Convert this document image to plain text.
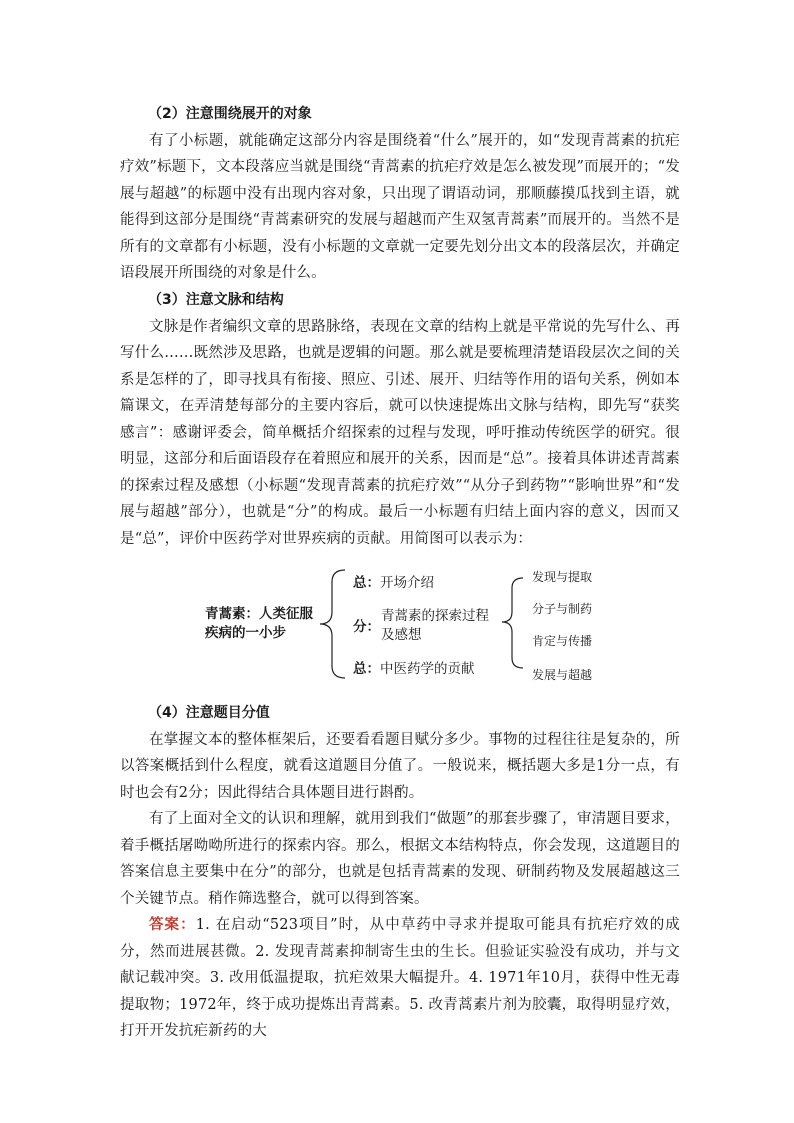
（2）注意围绕展开的对象

有了小标题，就能确定这部分内容是围绕着“什么”展开的，如“发现青蒿素的抗疟疗效”标题下，文本段落应当就是围绕“青蒿素的抗疟疗效是怎么被发现”而展开的；“发展与超越”的标题中没有出现内容对象，只出现了谓语动词，那顺藤摸瓜找到主语，就能得到这部分是围绕“青蒿素研究的发展与超越而产生双氢青蒿素”而展开的。当然不是所有的文章都有小标题，没有小标题的文章就一定要先划分出文本的段落层次，并确定语段展开所围绕的对象是什么。

（3）注意文脉和结构

文脉是作者编织文章的思路脉络，表现在文章的结构上就是平常说的先写什么、再写什么……既然涉及思路，也就是逻辑的问题。那么就是要梳理清楚语段层次之间的关系是怎样的了，即寻找具有衔接、照应、引述、展开、归结等作用的语句关系，例如本篇课文，在弄清楚每部分的主要内容后，就可以快速提炼出文脉与结构，即先写“获奖感言”：感谢评委会，简单概括介绍探索的过程与发现，呼吁推动传统医学的研究。很明显，这部分和后面语段存在着照应和展开的关系，因而是“总”。接着具体讲述青蒿素的探索过程及感想（小标题“发现青蒿素的抗疟疗效”“从分子到药物”“影响世界”和“发展与超越”部分），也就是“分”的构成。最后一小标题有归结上面内容的意义，因而又是“总”，评价中医药学对世界疾病的贡献。用简图可以表示为：

青蒿素：人类征服
疾病的一小步
总：开场介绍
分：
青蒿素的探索过程
及感想
总：中医药学的贡献
发现与提取
分子与制药
肯定与传播
发展与超越

（4）注意题目分值

在掌握文本的整体框架后，还要看看题目赋分多少。事物的过程往往是复杂的，所以答案概括到什么程度，就看这道题目分值了。一般说来，概括题大多是1分一点，有时也会有2分；因此得结合具体题目进行斟酌。

有了上面对全文的认识和理解，就用到我们“做题”的那套步骤了，审清题目要求，着手概括屠呦呦所进行的探索内容。那么，根据文本结构特点，你会发现，这道题目的答案信息主要集中在分”的部分，也就是包括青蒿素的发现、研制药物及发展超越这三个关键节点。稍作筛选整合，就可以得到答案。

答案：1. 在启动“523项目”时，从中草药中寻求并提取可能具有抗疟疗效的成分，然而进展甚微。2. 发现青蒿素抑制寄生虫的生长。但验证实验没有成功，并与文献记载冲突。3. 改用低温提取，抗疟效果大幅提升。4. 1971年10月，获得中性无毒提取物；1972年，终于成功提炼出青蒿素。5. 改青蒿素片剂为胶囊，取得明显疗效，打开开发抗疟新药的大
